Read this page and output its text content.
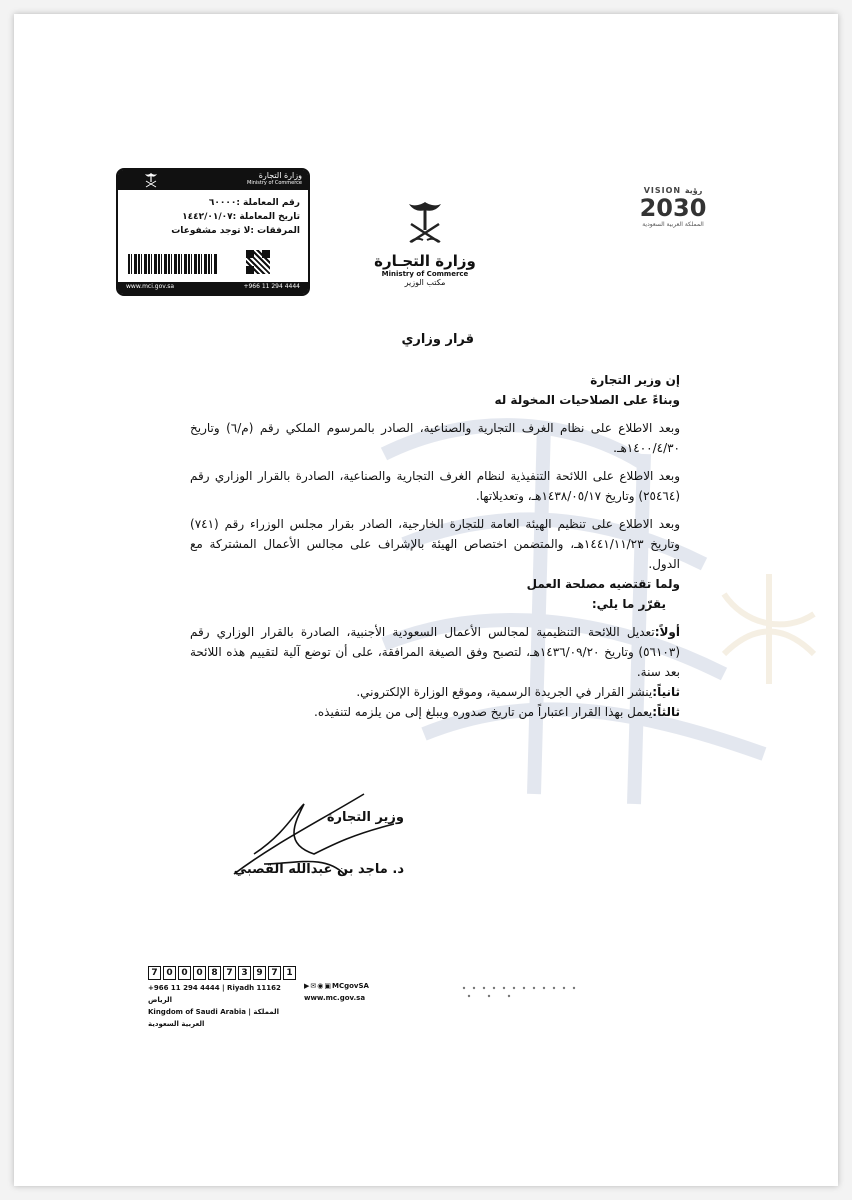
VISION رؤية
2030
المملكة العربية السعودية
وزارة التجـارة
Ministry of Commerce
مكتب الوزير
وزارة التجارة
Ministry of Commerce
رقم المعاملة :٦٠٠٠٠
تاريخ المعاملة :١٤٤٢/٠١/٠٧
المرفقات :لا توجد مشفوعات
www.mci.gov.sa	+966 11 294 4444
قرار وزاري

إن وزير التجارة

وبناءً على الصلاحيات المخولة له

وبعد الاطلاع على نظام الغرف التجارية والصناعية، الصادر بالمرسوم الملكي رقم (م/٦) وتاريخ ١٤٠٠/٤/٣٠هـ.

وبعد الاطلاع على اللائحة التنفيذية لنظام الغرف التجارية والصناعية، الصادرة بالقرار الوزاري رقم (٢٥٤٦٤) وتاريخ ١٤٣٨/٠٥/١٧هـ، وتعديلاتها.

وبعد الاطلاع على تنظيم الهيئة العامة للتجارة الخارجية، الصادر بقرار مجلس الوزراء رقم (٧٤١) وتاريخ ١٤٤١/١١/٢٣هـ، والمتضمن اختصاص الهيئة بالإشراف على مجالس الأعمال المشتركة مع الدول.

ولما تقتضيه مصلحة العمل

يقرّر ما يلي:

أولاً:تعديل اللائحة التنظيمية لمجالس الأعمال السعودية الأجنبية، الصادرة بالقرار الوزاري رقم (٥٦١٠٣) وتاريخ ١٤٣٦/٠٩/٢٠هـ، لتصبح وفق الصيغة المرافقة، على أن توضع آلية لتقييم هذه اللائحة بعد سنة.

ثانياً:ينشر القرار في الجريدة الرسمية، وموقع الوزارة الإلكتروني.

ثالثاً:يعمل بهذا القرار اعتباراً من تاريخ صدوره ويبلغ إلى من يلزمه لتنفيذه.

وزير التجارة
د. ماجد بن عبدالله القصبي
7 0 0 0 8 7 3 9 7 1
+966 11 294 4444 | Riyadh 11162 الرياض
Kingdom of Saudi Arabia | المملكة العربية السعودية
▶✉◉▣MCgovSA
www.mc.gov.sa
